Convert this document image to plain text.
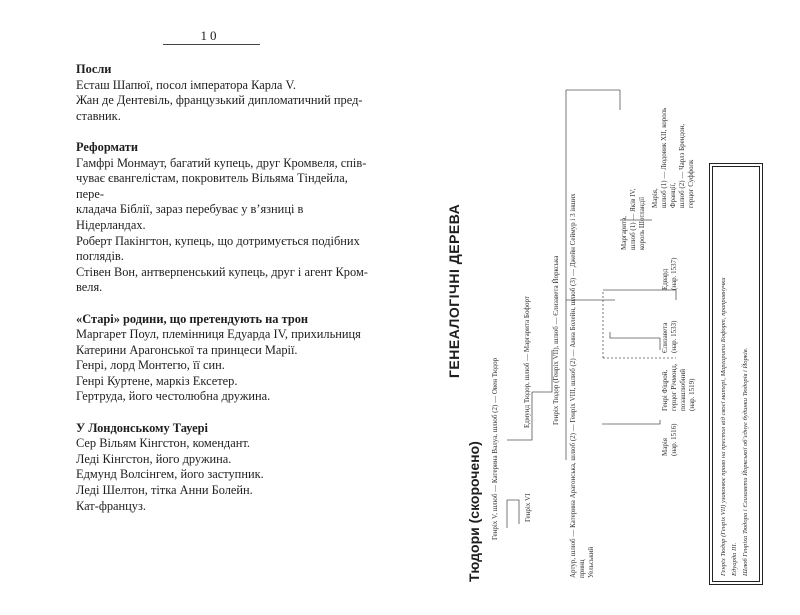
10
Посли
Есташ Шапюї, посол імператора Карла V.
Жан де Дентевіль, французький дипломатичний пред-
ставник.
Реформати
Гамфрі Монмаут, багатий купець, друг Кромвеля, спів-
чуває євангелістам, покровитель Вільяма Тіндейла, пере-
кладача Біблії, зараз перебуває у в’язниці в Нідерландах.
Роберт Пакінгтон, купець, що дотримується подібних
поглядів.
Стівен Вон, антверпенський купець, друг і агент Кром-
веля.
«Старі» родини, що претендують на трон
Маргарет Поул, племінниця Едуарда IV, прихильниця
Катерини Арагонської та принцеси Марії.
Генрі, лорд Монтегю, її син.
Генрі Куртене, маркіз Ексетер.
Гертруда, його честолюбна дружина.
У Лондонському Тауері
Сер Вільям Кінгстон, комендант.
Леді Кінгстон, його дружина.
Едмунд Волсінгем, його заступник.
Леді Шелтон, тітка Анни Болейн.
Кат-француз.
ГЕНЕАЛОГІЧНІ ДЕРЕВА
Тюдори (скорочено) Генріх V, шлюб — Катерина Валуа, шлюб (2) — Овен Тюдор	Генріх VI
Едмунд Тюдор, шлюб — Маргарита Бофорт	Генріх Тюдор (Генріх VII), шлюб — Єлизавета Йоркська Артур, шлюб — Катерина Арагонська, шлюб (2) — Генріх VIII, шлюб (2) — Анна Болейн, шлюб (3) — Джейн Сеймур і 3 інших принц Уельський
Маргарита, шлюб (1) — Яків IV, король Шотландії Марія, шлюб (1) — Людовик XII, король Франції, шлюб (2) — Чарлз Брендон, герцог Суффолк
Марія (нар. 1516)
Генрі Фіцрой, герцог Річмонд, позашлюбний (нар. 1519)
Єлизавета (нар. 1533)
Едвард (нар. 1537)
Генріх Тюдор (Генріх VII) узаконює право на престол від своєї матері, Маргарити Бофорт, праправнучки Едуарда III. Шлюб Генріха Тюдора і Єлизавети Йоркської об’єднує будинки Тюдорів і Йорків.
